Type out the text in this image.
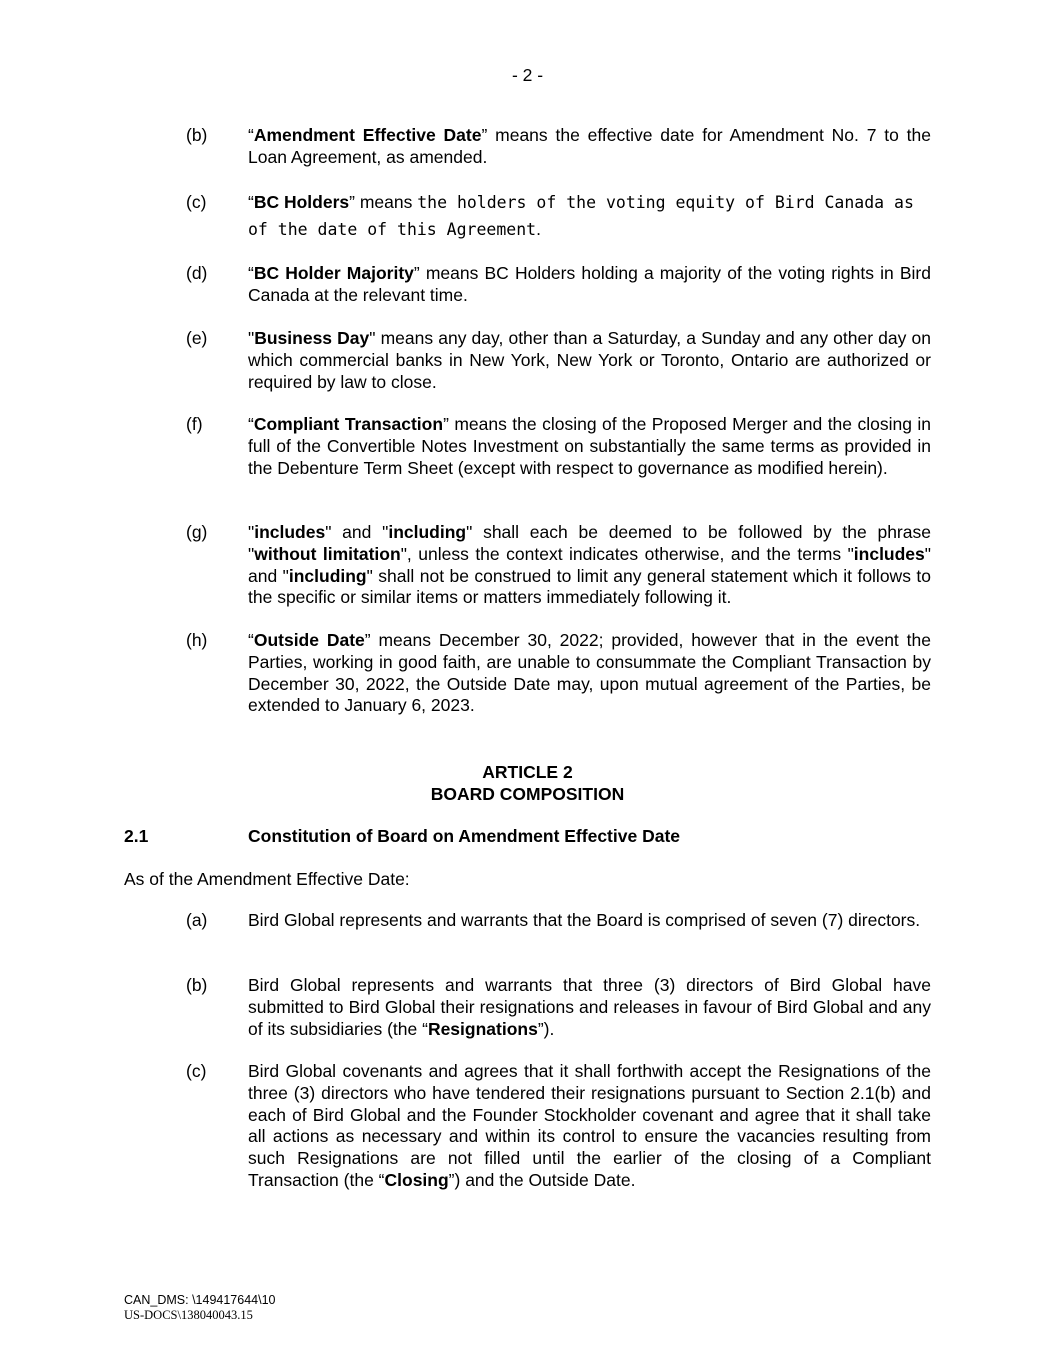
- 2 -
(b) “Amendment Effective Date” means the effective date for Amendment No. 7 to the Loan Agreement, as amended.
(c) “BC Holders” means the holders of the voting equity of Bird Canada as of the date of this Agreement.
(d) “BC Holder Majority” means BC Holders holding a majority of the voting rights in Bird Canada at the relevant time.
(e) "Business Day" means any day, other than a Saturday, a Sunday and any other day on which commercial banks in New York, New York or Toronto, Ontario are authorized or required by law to close.
(f)	“Compliant Transaction” means the closing of the Proposed Merger and the closing in full of the Convertible Notes Investment on substantially the same terms as provided in the Debenture Term Sheet (except with respect to governance as modified herein).
(g) "includes" and "including" shall each be deemed to be followed by the phrase "without limitation", unless the context indicates otherwise, and the terms "includes" and "including" shall not be construed to limit any general statement which it follows to the specific or similar items or matters immediately following it.
(h) “Outside Date” means December 30, 2022; provided, however that in the event the Parties, working in good faith, are unable to consummate the Compliant Transaction by December 30, 2022, the Outside Date may, upon mutual agreement of the Parties, be extended to January 6, 2023.
ARTICLE 2
BOARD COMPOSITION
2.1	Constitution of Board on Amendment Effective Date
As of the Amendment Effective Date:
(a) Bird Global represents and warrants that the Board is comprised of seven (7) directors.
(b) Bird Global represents and warrants that three (3) directors of Bird Global have submitted to Bird Global their resignations and releases in favour of Bird Global and any of its subsidiaries (the “Resignations”).
(c) Bird Global covenants and agrees that it shall forthwith accept the Resignations of the three (3) directors who have tendered their resignations pursuant to Section 2.1(b) and each of Bird Global and the Founder Stockholder covenant and agree that it shall take all actions as necessary and within its control to ensure the vacancies resulting from such Resignations are not filled until the earlier of the closing of a Compliant Transaction (the “Closing”) and the Outside Date.
CAN_DMS: \149417644\10
US-DOCS\138040043.15
